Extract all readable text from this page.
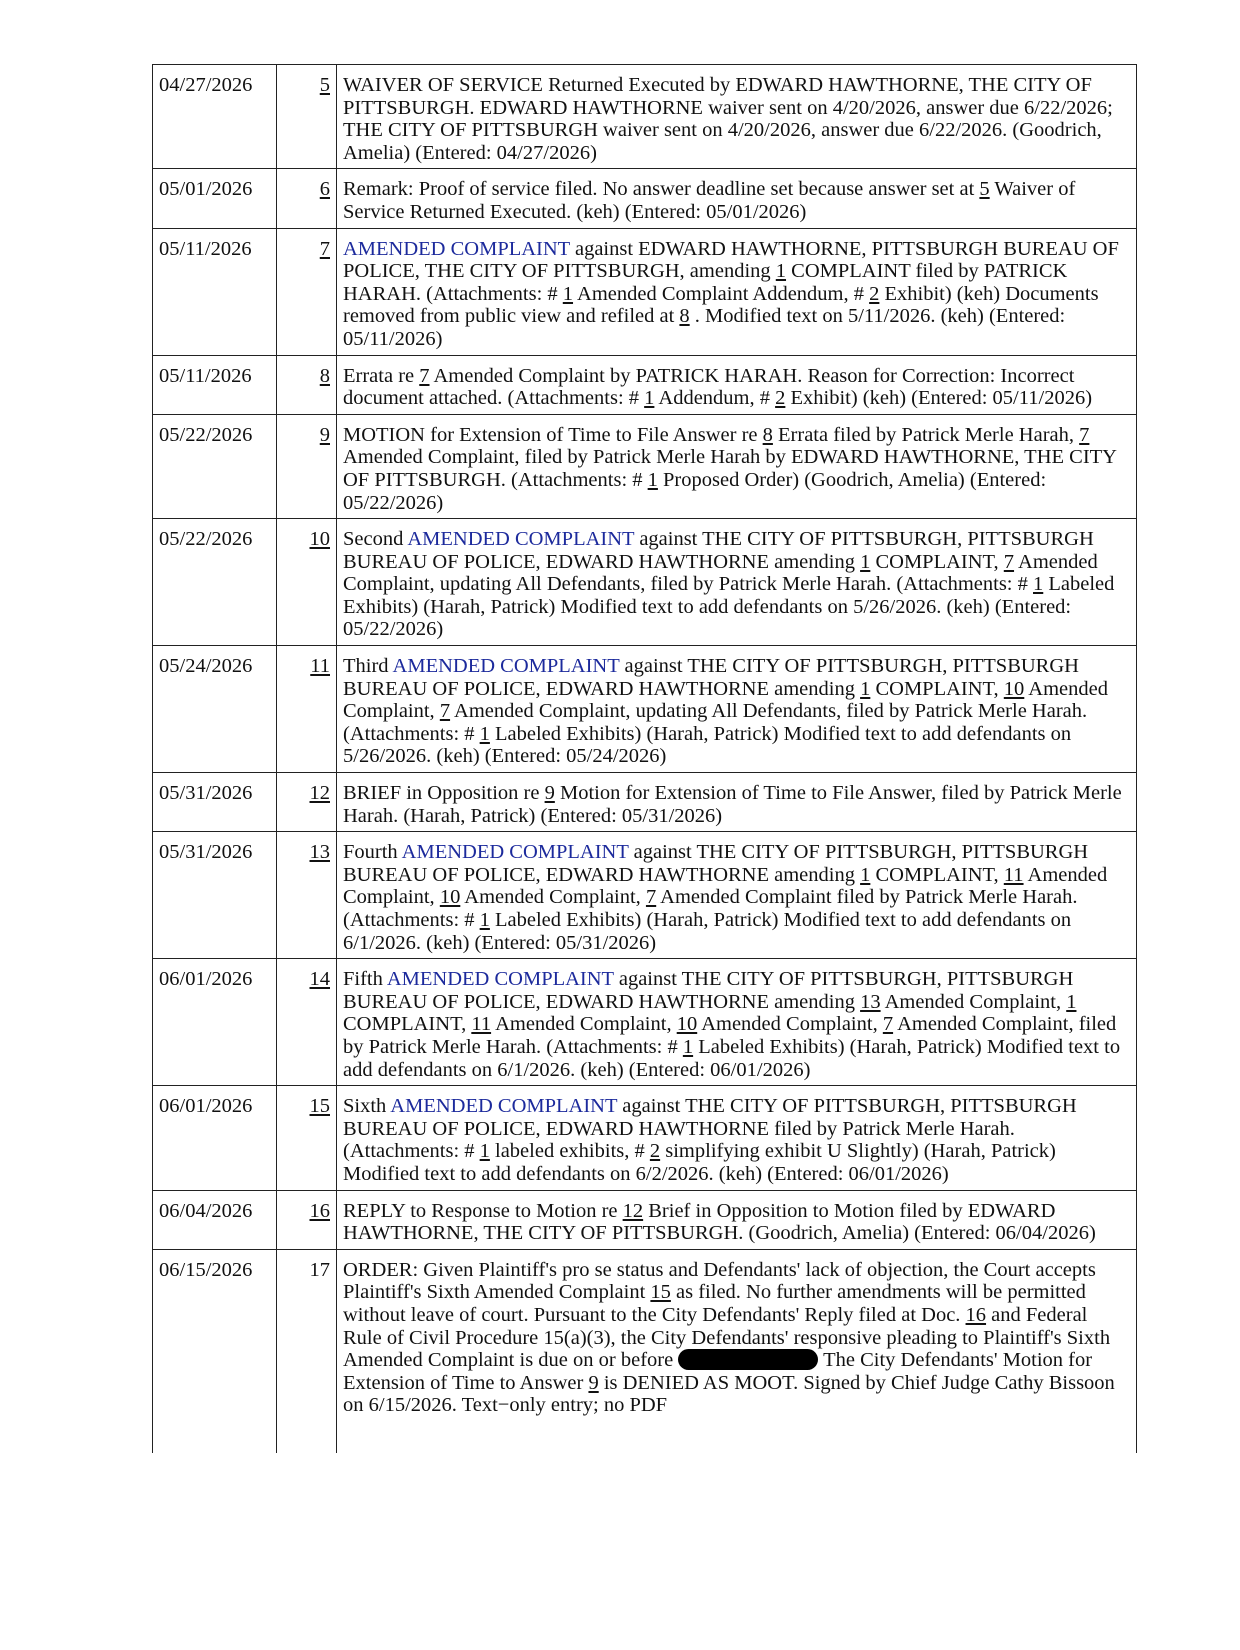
04/27/2026	5	WAIVER OF SERVICE Returned Executed by EDWARD HAWTHORNE, THE CITY OF PITTSBURGH. EDWARD HAWTHORNE waiver sent on 4/20/2026, answer due 6/22/2026; THE CITY OF PITTSBURGH waiver sent on 4/20/2026, answer due 6/22/2026. (Goodrich, Amelia) (Entered: 04/27/2026)
05/01/2026	6	Remark: Proof of service filed. No answer deadline set because answer set at 5 Waiver of Service Returned Executed. (keh) (Entered: 05/01/2026)
05/11/2026	7	AMENDED COMPLAINT against EDWARD HAWTHORNE, PITTSBURGH BUREAU OF POLICE, THE CITY OF PITTSBURGH, amending 1 COMPLAINT filed by PATRICK HARAH. (Attachments: # 1 Amended Complaint Addendum, # 2 Exhibit) (keh) Documents removed from public view and refiled at 8 . Modified text on 5/11/2026. (keh) (Entered: 05/11/2026)
05/11/2026	8	Errata re 7 Amended Complaint by PATRICK HARAH. Reason for Correction: Incorrect document attached. (Attachments: # 1 Addendum, # 2 Exhibit) (keh) (Entered: 05/11/2026)
05/22/2026	9	MOTION for Extension of Time to File Answer re 8 Errata filed by Patrick Merle Harah, 7 Amended Complaint, filed by Patrick Merle Harah by EDWARD HAWTHORNE, THE CITY OF PITTSBURGH. (Attachments: # 1 Proposed Order) (Goodrich, Amelia) (Entered: 05/22/2026)
05/22/2026	10	Second AMENDED COMPLAINT against THE CITY OF PITTSBURGH, PITTSBURGH BUREAU OF POLICE, EDWARD HAWTHORNE amending 1 COMPLAINT, 7 Amended Complaint, updating All Defendants, filed by Patrick Merle Harah. (Attachments: # 1 Labeled Exhibits) (Harah, Patrick) Modified text to add defendants on 5/26/2026. (keh) (Entered: 05/22/2026)
05/24/2026	11	Third AMENDED COMPLAINT against THE CITY OF PITTSBURGH, PITTSBURGH BUREAU OF POLICE, EDWARD HAWTHORNE amending 1 COMPLAINT, 10 Amended Complaint, 7 Amended Complaint, updating All Defendants, filed by Patrick Merle Harah. (Attachments: # 1 Labeled Exhibits) (Harah, Patrick) Modified text to add defendants on 5/26/2026. (keh) (Entered: 05/24/2026)
05/31/2026	12	BRIEF in Opposition re 9 Motion for Extension of Time to File Answer, filed by Patrick Merle Harah. (Harah, Patrick) (Entered: 05/31/2026)
05/31/2026	13	Fourth AMENDED COMPLAINT against THE CITY OF PITTSBURGH, PITTSBURGH BUREAU OF POLICE, EDWARD HAWTHORNE amending 1 COMPLAINT, 11 Amended Complaint, 10 Amended Complaint, 7 Amended Complaint filed by Patrick Merle Harah. (Attachments: # 1 Labeled Exhibits) (Harah, Patrick) Modified text to add defendants on 6/1/2026. (keh) (Entered: 05/31/2026)
06/01/2026	14	Fifth AMENDED COMPLAINT against THE CITY OF PITTSBURGH, PITTSBURGH BUREAU OF POLICE, EDWARD HAWTHORNE amending 13 Amended Complaint, 1 COMPLAINT, 11 Amended Complaint, 10 Amended Complaint, 7 Amended Complaint, filed by Patrick Merle Harah. (Attachments: # 1 Labeled Exhibits) (Harah, Patrick) Modified text to add defendants on 6/1/2026. (keh) (Entered: 06/01/2026)
06/01/2026	15	Sixth AMENDED COMPLAINT against THE CITY OF PITTSBURGH, PITTSBURGH BUREAU OF POLICE, EDWARD HAWTHORNE filed by Patrick Merle Harah. (Attachments: # 1 labeled exhibits, # 2 simplifying exhibit U Slightly) (Harah, Patrick) Modified text to add defendants on 6/2/2026. (keh) (Entered: 06/01/2026)
06/04/2026	16	REPLY to Response to Motion re 12 Brief in Opposition to Motion filed by EDWARD HAWTHORNE, THE CITY OF PITTSBURGH. (Goodrich, Amelia) (Entered: 06/04/2026)
06/15/2026	17	ORDER: Given Plaintiff's pro se status and Defendants' lack of objection, the Court accepts Plaintiff's Sixth Amended Complaint 15 as filed. No further amendments will be permitted without leave of court. Pursuant to the City Defendants' Reply filed at Doc. 16 and Federal Rule of Civil Procedure 15(a)(3), the City Defendants' responsive pleading to Plaintiff's Sixth Amended Complaint is due on or before The City Defendants' Motion for Extension of Time to Answer 9 is DENIED AS MOOT. Signed by Chief Judge Cathy Bissoon on 6/15/2026. Text−only entry; no PDF
